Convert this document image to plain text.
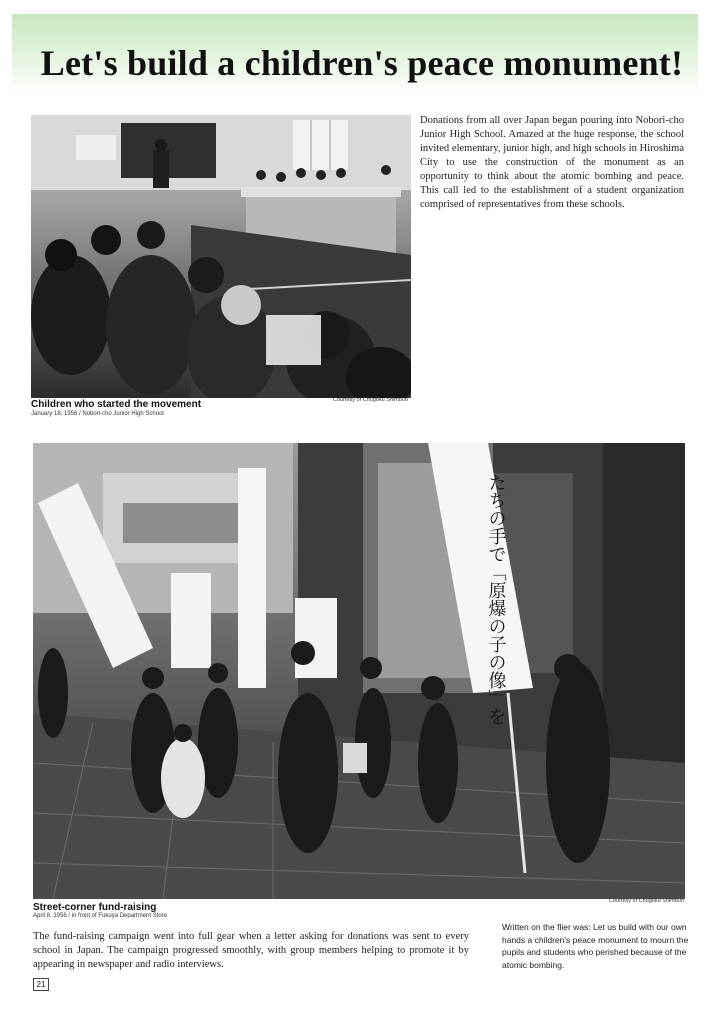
Let's build a children's peace monument!
Children who started the movement
January 18, 1956 / Nobori-cho Junior High School
Courtesy of Chugoku Shimbun

Donations from all over Japan began pouring into Nobori-cho Junior High School. Amazed at the huge response, the school invited elementary, junior high, and high schools in Hiroshima City to use the construction of the monument as an opportunity to think about the atomic bombing and peace. This call led to the establishment of a student organization comprised of representatives from these schools.

たちの手で「原爆の子の像」を
Street-corner fund-raising
April 8, 1956 / in front of Fukuya Department Store
Courtesy of Chugoku Shimbun

The fund-raising campaign went into full gear when a letter asking for donations was sent to every school in Japan. The campaign progressed smoothly, with group members helping to promote it by appearing in newspaper and radio interviews.

Written on the flier was: Let us build with our own hands a children's peace monument to mourn the pupils and students who perished because of the atomic bombing.

21
